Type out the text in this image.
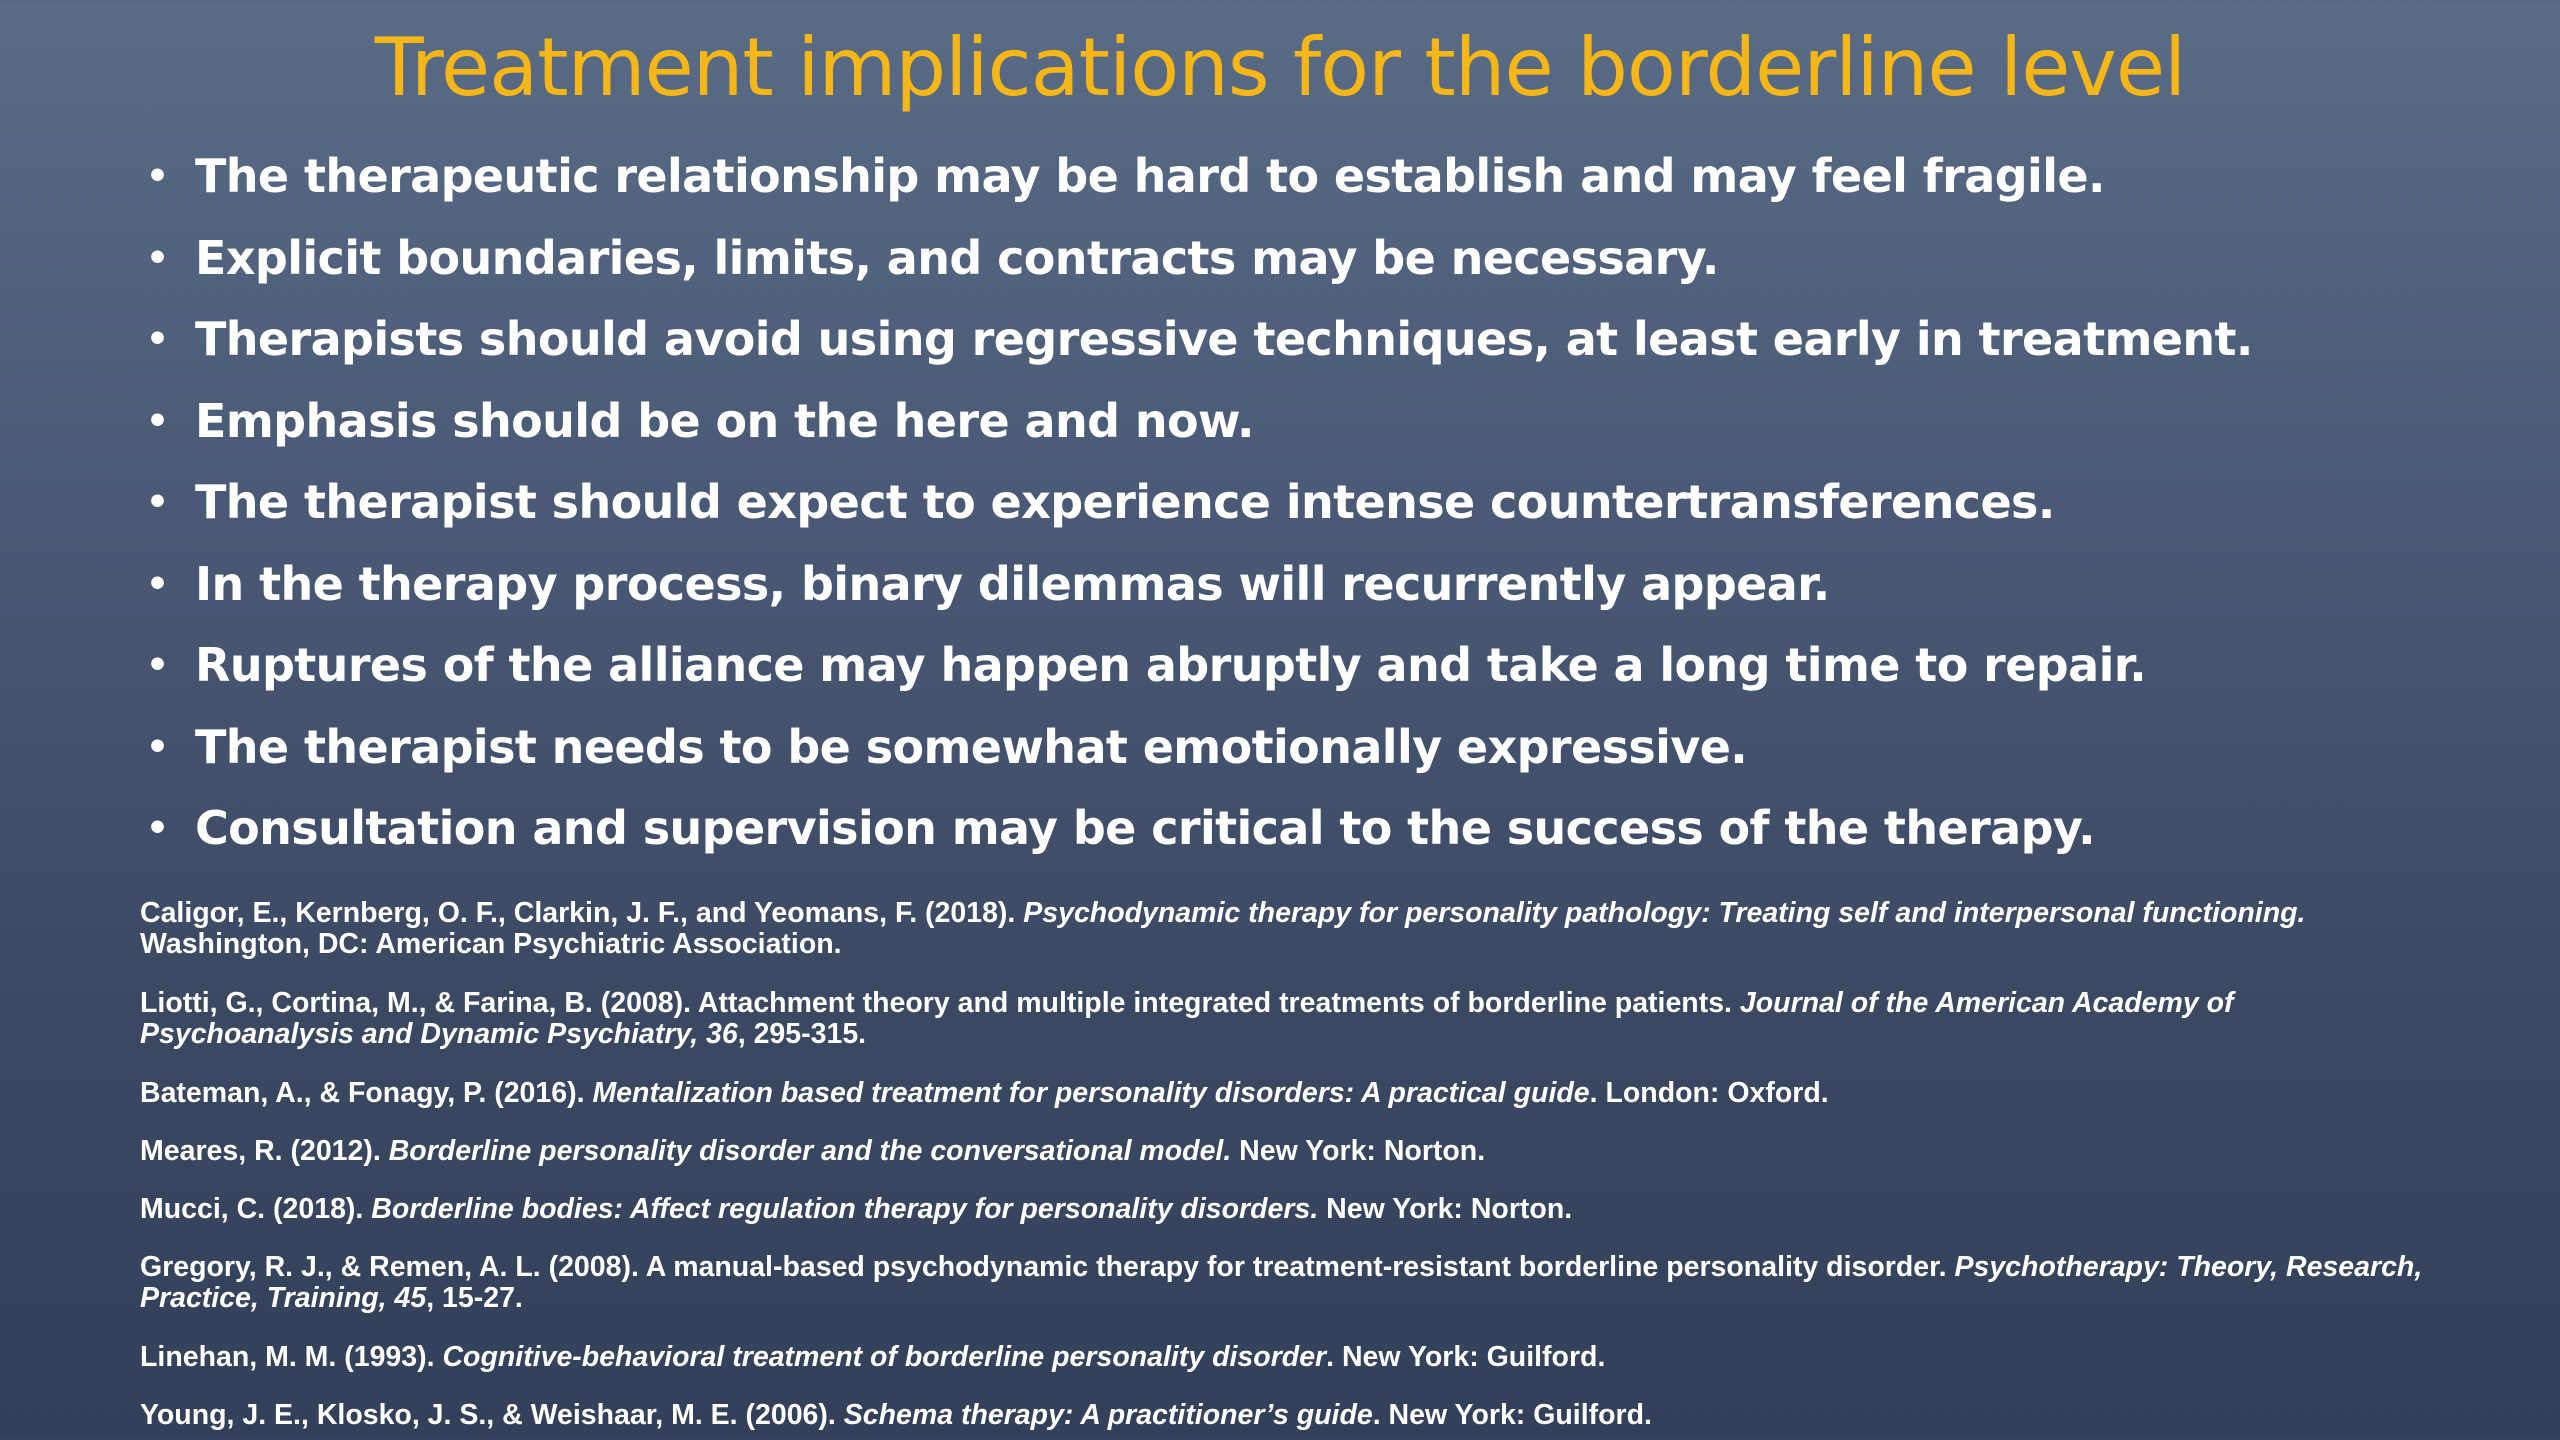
Treatment implications for the borderline level
• The therapeutic relationship may be hard to establish and may feel fragile.
• Explicit boundaries, limits, and contracts may be necessary.
• Therapists should avoid using regressive techniques, at least early in treatment.
• Emphasis should be on the here and now.
• The therapist should expect to experience intense countertransferences.
• In the therapy process, binary dilemmas will recurrently appear.
• Ruptures of the alliance may happen abruptly and take a long time to repair.
• The therapist needs to be somewhat emotionally expressive.
• Consultation and supervision may be critical to the success of the therapy.
Caligor, E., Kernberg, O. F., Clarkin, J. F., and Yeomans, F. (2018). Psychodynamic therapy for personality pathology: Treating self and interpersonal functioning. Washington, DC: American Psychiatric Association.
Liotti, G., Cortina, M., & Farina, B. (2008). Attachment theory and multiple integrated treatments of borderline patients. Journal of the American Academy of Psychoanalysis and Dynamic Psychiatry, 36, 295-315.
Bateman, A., & Fonagy, P. (2016). Mentalization based treatment for personality disorders: A practical guide. London: Oxford.
Meares, R. (2012). Borderline personality disorder and the conversational model. New York: Norton.
Mucci, C. (2018). Borderline bodies: Affect regulation therapy for personality disorders. New York: Norton.
Gregory, R. J., & Remen, A. L. (2008). A manual-based psychodynamic therapy for treatment-resistant borderline personality disorder. Psychotherapy: Theory, Research, Practice, Training, 45, 15-27.
Linehan, M. M. (1993). Cognitive-behavioral treatment of borderline personality disorder. New York: Guilford.
Young, J. E., Klosko, J. S., & Weishaar, M. E. (2006). Schema therapy: A practitioner’s guide. New York: Guilford.
